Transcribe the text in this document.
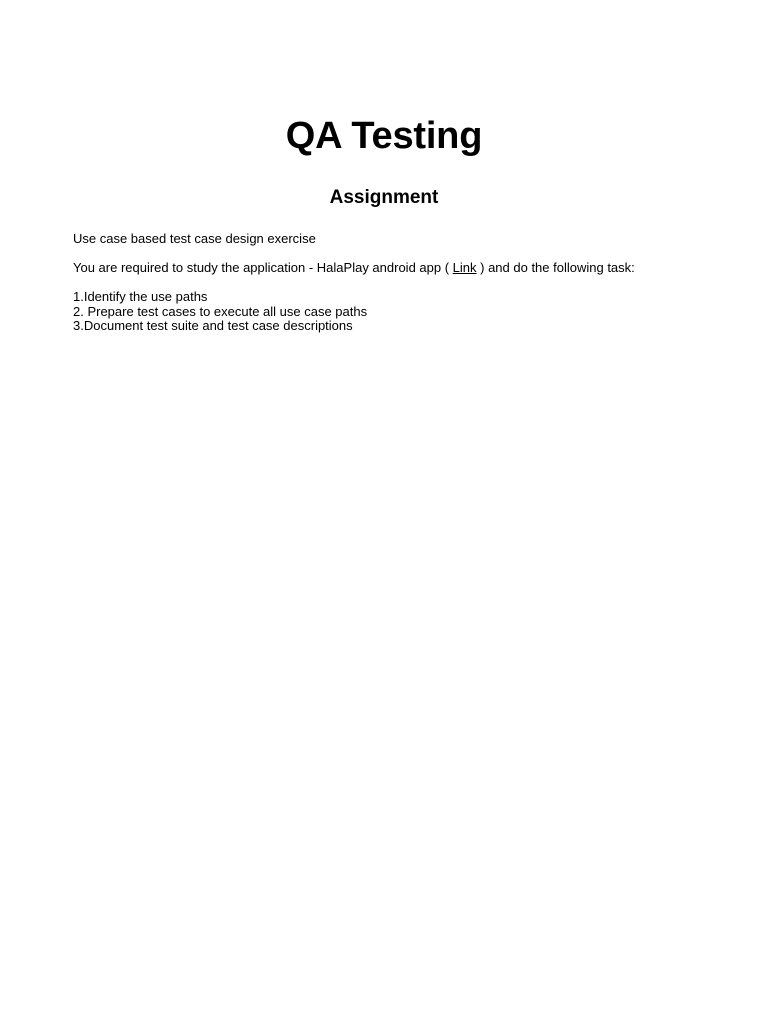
QA Testing
Assignment

Use case based test case design exercise

You are required to study the application - HalaPlay android app ( Link ) and do the following task:

1.Identify the use paths
2. Prepare test cases to execute all use case paths
3.Document test suite and test case descriptions
